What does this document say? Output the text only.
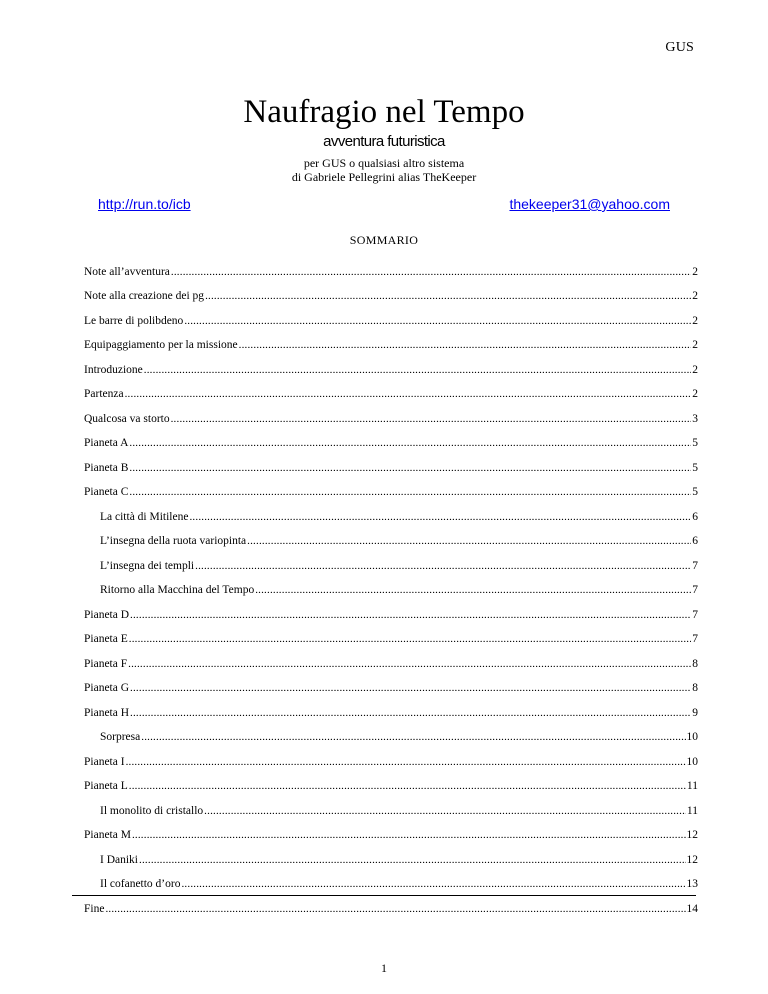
GUS
Naufragio nel Tempo
avventura futuristica
per GUS o qualsiasi altro sistema
di Gabriele Pellegrini alias TheKeeper
http://run.to/icb	thekeeper31@yahoo.com
SOMMARIO
Note all’avventura .....	2
Note alla creazione dei pg .....	2
Le barre di polibdeno .....	2
Equipaggiamento per la missione .....	2
Introduzione .....	2
Partenza .....	2
Qualcosa va storto .....	3
Pianeta A .....	5
Pianeta B .....	5
Pianeta C .....	5
La città di Mitilene .....	6
L’insegna della ruota variopinta .....	6
L’insegna dei templi .....	7
Ritorno alla Macchina del Tempo .....	7
Pianeta D .....	7
Pianeta E .....	7
Pianeta F .....	8
Pianeta G .....	8
Pianeta H .....	9
Sorpresa .....	10
Pianeta I .....	10
Pianeta L .....	11
Il monolito di cristallo .....	11
Pianeta M .....	12
I Daniki .....	12
Il cofanetto d’oro .....	13
Fine .....	14
1
